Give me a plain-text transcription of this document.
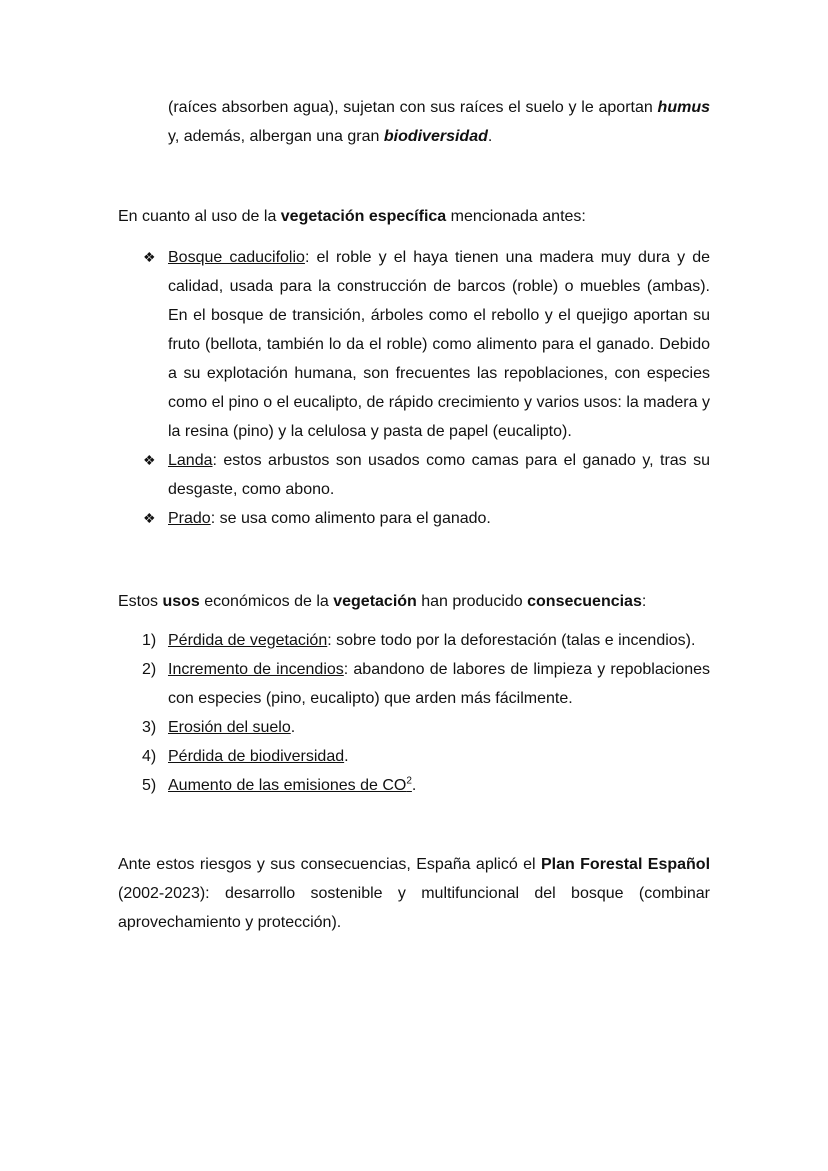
(raíces absorben agua), sujetan con sus raíces el suelo y le aportan humus y, además, albergan una gran biodiversidad.

En cuanto al uso de la vegetación específica mencionada antes:

❖ Bosque caducifolio: el roble y el haya tienen una madera muy dura y de calidad, usada para la construcción de barcos (roble) o muebles (ambas). En el bosque de transición, árboles como el rebollo y el quejigo aportan su fruto (bellota, también lo da el roble) como alimento para el ganado. Debido a su explotación humana, son frecuentes las repoblaciones, con especies como el pino o el eucalipto, de rápido crecimiento y varios usos: la madera y la resina (pino) y la celulosa y pasta de papel (eucalipto).
❖ Landa: estos arbustos son usados como camas para el ganado y, tras su desgaste, como abono.
❖ Prado: se usa como alimento para el ganado.

Estos usos económicos de la vegetación han producido consecuencias:

1) Pérdida de vegetación: sobre todo por la deforestación (talas e incendios).
2) Incremento de incendios: abandono de labores de limpieza y repoblaciones con especies (pino, eucalipto) que arden más fácilmente.
3) Erosión del suelo.
4) Pérdida de biodiversidad.
5) Aumento de las emisiones de $CO^2$.

Ante estos riesgos y sus consecuencias, España aplicó el Plan Forestal Español (2002-2023): desarrollo sostenible y multifuncional del bosque (combinar aprovechamiento y protección).
